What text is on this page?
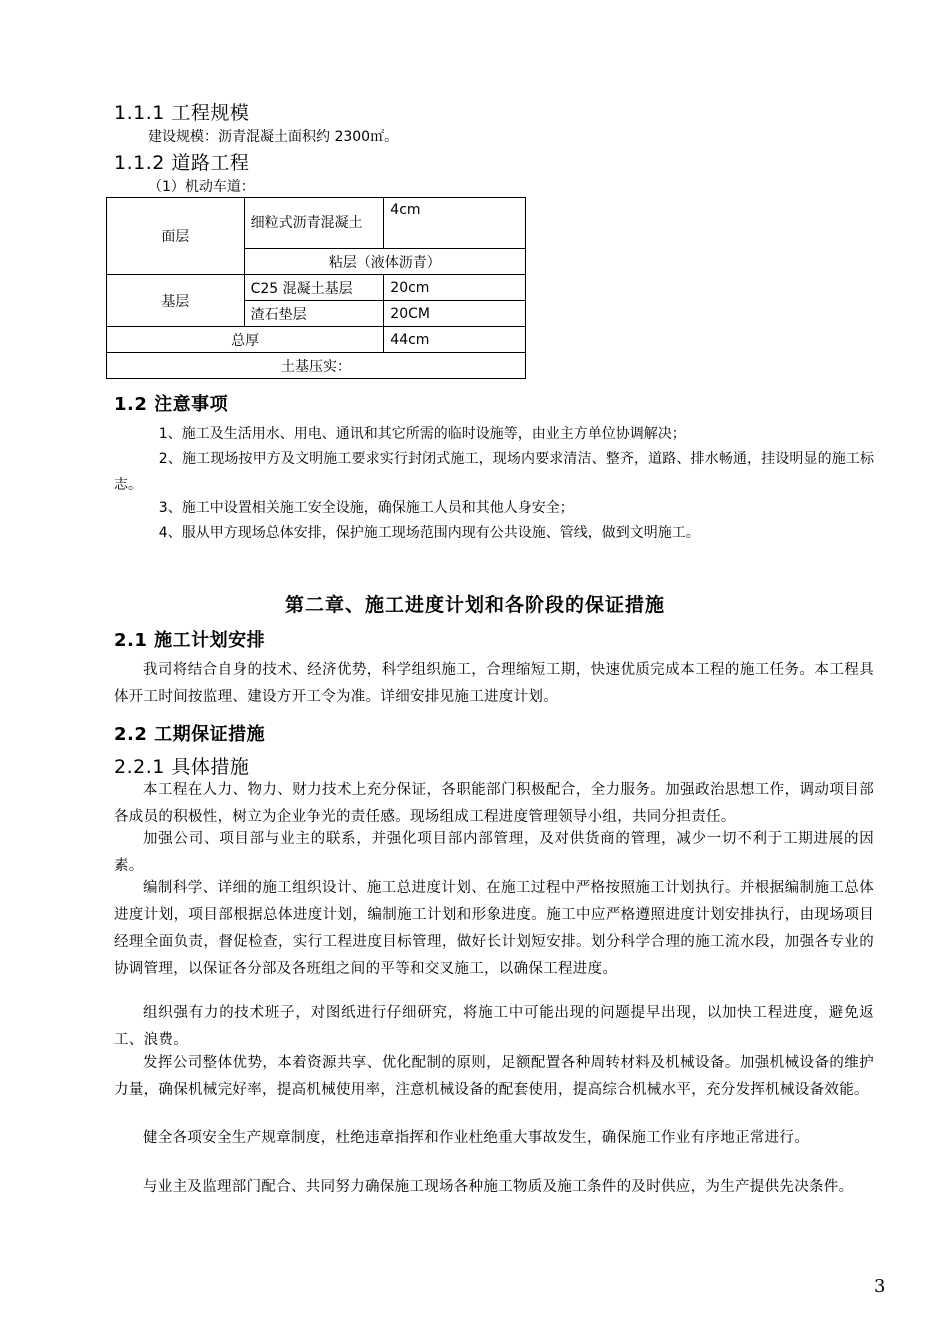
1.1.1 工程规模
建设规模：沥青混凝土面积约 2300㎡。
1.1.2 道路工程
（1）机动车道：
面层	细粒式沥青混凝土	4cm
	粘层（液体沥青）	
基层	C25 混凝土基层	20cm
	渣石垫层	20CM
总厚		44cm
土基压实：		
1.2 注意事项
1、施工及生活用水、用电、通讯和其它所需的临时设施等，由业主方单位协调解决；
2、施工现场按甲方及文明施工要求实行封闭式施工，现场内要求清洁、整齐，道路、排水畅通，挂设明显的施工标志。
3、施工中设置相关施工安全设施，确保施工人员和其他人身安全；
4、服从甲方现场总体安排，保护施工现场范围内现有公共设施、管线，做到文明施工。
第二章、施工进度计划和各阶段的保证措施
2.1 施工计划安排
我司将结合自身的技术、经济优势，科学组织施工，合理缩短工期，快速优质完成本工程的施工任务。本工程具体开工时间按监理、建设方开工令为准。详细安排见施工进度计划。
2.2 工期保证措施
2.2.1 具体措施
本工程在人力、物力、财力技术上充分保证，各职能部门积极配合，全力服务。加强政治思想工作，调动项目部各成员的积极性，树立为企业争光的责任感。现场组成工程进度管理领导小组，共同分担责任。
加强公司、项目部与业主的联系，并强化项目部内部管理，及对供货商的管理，减少一切不利于工期进展的因素。
编制科学、详细的施工组织设计、施工总进度计划、在施工过程中严格按照施工计划执行。并根据编制施工总体进度计划，项目部根据总体进度计划，编制施工计划和形象进度。施工中应严格遵照进度计划安排执行，由现场项目经理全面负责，督促检查，实行工程进度目标管理，做好长计划短安排。划分科学合理的施工流水段，加强各专业的协调管理，以保证各分部及各班组之间的平等和交叉施工，以确保工程进度。
组织强有力的技术班子，对图纸进行仔细研究，将施工中可能出现的问题提早出现，以加快工程进度，避免返工、浪费。
发挥公司整体优势，本着资源共享、优化配制的原则，足额配置各种周转材料及机械设备。加强机械设备的维护力量，确保机械完好率，提高机械使用率，注意机械设备的配套使用，提高综合机械水平，充分发挥机械设备效能。
健全各项安全生产规章制度，杜绝违章指挥和作业杜绝重大事故发生，确保施工作业有序地正常进行。
与业主及监理部门配合、共同努力确保施工现场各种施工物质及施工条件的及时供应，为生产提供先决条件。
3
